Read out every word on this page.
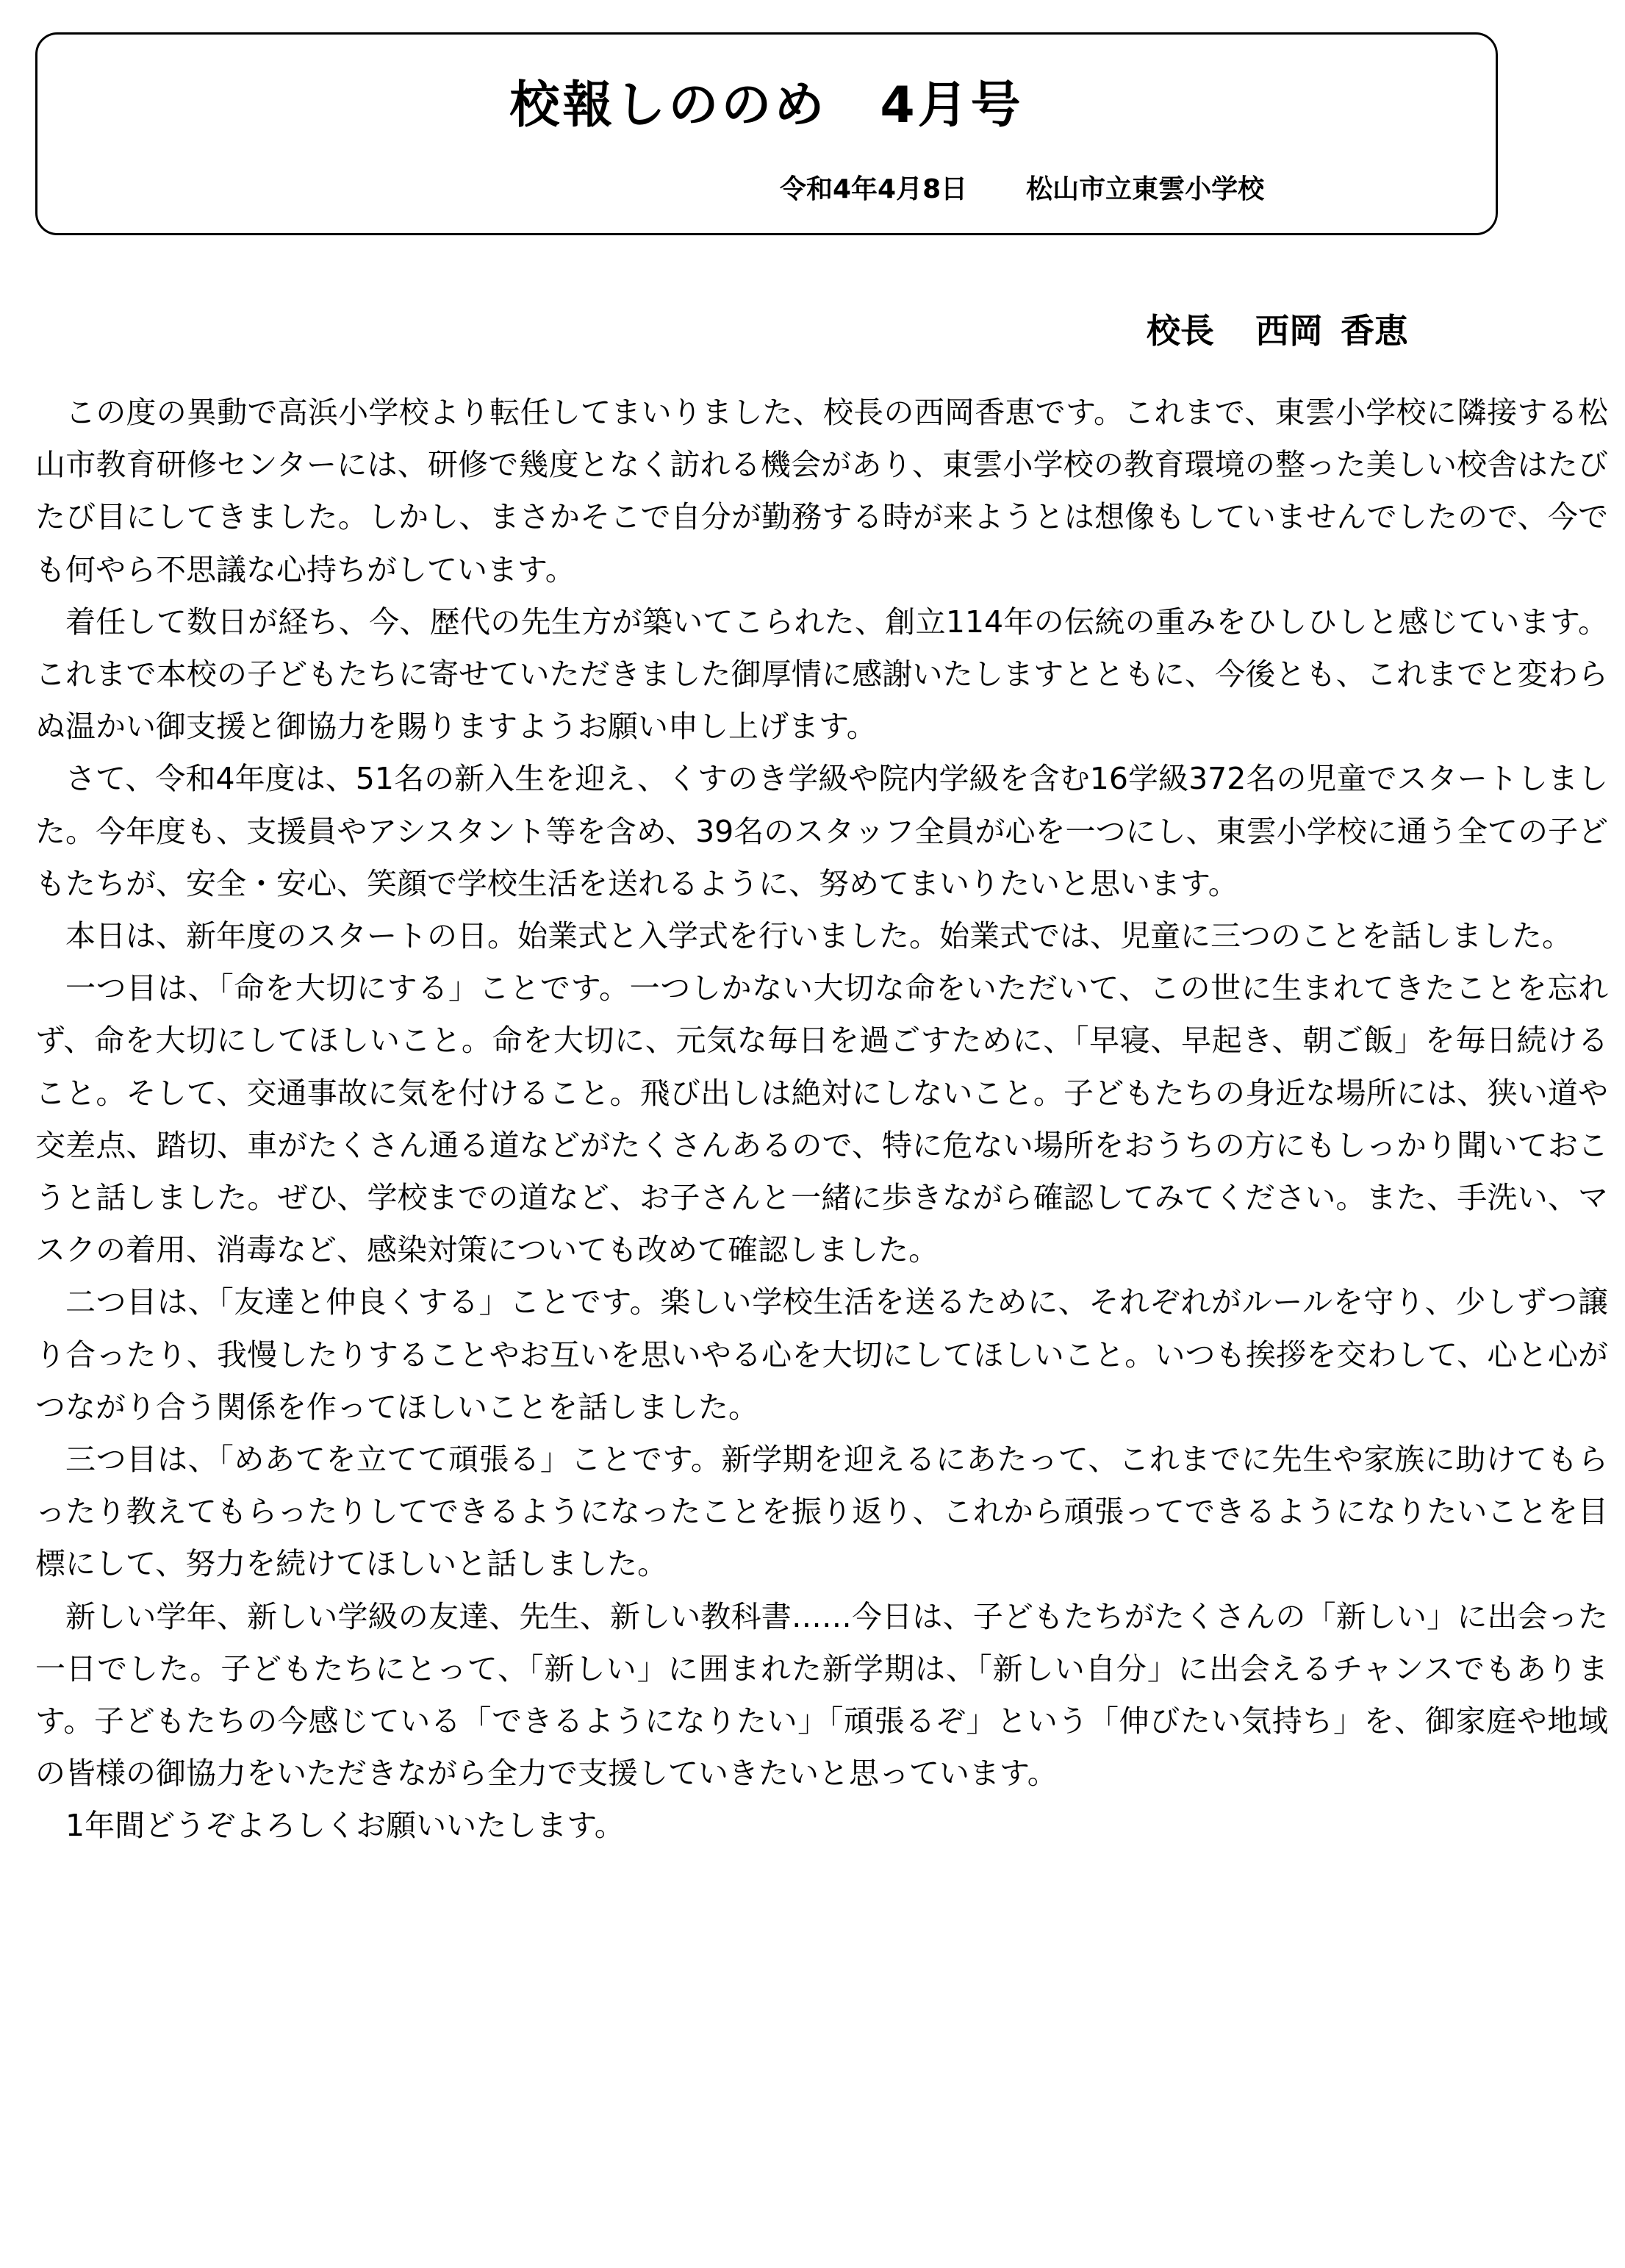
校報しののめ　4月号
令和4年4月8日 松山市立東雲小学校
校長 西岡 香恵

この度の異動で高浜小学校より転任してまいりました、校長の西岡香恵です。これまで、東雲小学校に隣接する松山市教育研修センターには、研修で幾度となく訪れる機会があり、東雲小学校の教育環境の整った美しい校舎はたびたび目にしてきました。しかし、まさかそこで自分が勤務する時が来ようとは想像もしていませんでしたので、今でも何やら不思議な心持ちがしています。

着任して数日が経ち、今、歴代の先生方が築いてこられた、創立114年の伝統の重みをひしひしと感じています。これまで本校の子どもたちに寄せていただきました御厚情に感謝いたしますとともに、今後とも、これまでと変わらぬ温かい御支援と御協力を賜りますようお願い申し上げます。

さて、令和4年度は、51名の新入生を迎え、くすのき学級や院内学級を含む16学級372名の児童でスタートしました。今年度も、支援員やアシスタント等を含め、39名のスタッフ全員が心を一つにし、東雲小学校に通う全ての子どもたちが、安全・安心、笑顔で学校生活を送れるように、努めてまいりたいと思います。

本日は、新年度のスタートの日。始業式と入学式を行いました。始業式では、児童に三つのことを話しました。

一つ目は、「命を大切にする」ことです。一つしかない大切な命をいただいて、この世に生まれてきたことを忘れず、命を大切にしてほしいこと。命を大切に、元気な毎日を過ごすために、「早寝、早起き、朝ご飯」を毎日続けること。そして、交通事故に気を付けること。飛び出しは絶対にしないこと。子どもたちの身近な場所には、狭い道や交差点、踏切、車がたくさん通る道などがたくさんあるので、特に危ない場所をおうちの方にもしっかり聞いておこうと話しました。ぜひ、学校までの道など、お子さんと一緒に歩きながら確認してみてください。また、手洗い、マスクの着用、消毒など、感染対策についても改めて確認しました。

二つ目は、「友達と仲良くする」ことです。楽しい学校生活を送るために、それぞれがルールを守り、少しずつ譲り合ったり、我慢したりすることやお互いを思いやる心を大切にしてほしいこと。いつも挨拶を交わして、心と心がつながり合う関係を作ってほしいことを話しました。

三つ目は、「めあてを立てて頑張る」ことです。新学期を迎えるにあたって、これまでに先生や家族に助けてもらったり教えてもらったりしてできるようになったことを振り返り、これから頑張ってできるようになりたいことを目標にして、努力を続けてほしいと話しました。

新しい学年、新しい学級の友達、先生、新しい教科書……今日は、子どもたちがたくさんの「新しい」に出会った一日でした。子どもたちにとって、「新しい」に囲まれた新学期は、「新しい自分」に出会えるチャンスでもあります。子どもたちの今感じている「できるようになりたい」「頑張るぞ」という「伸びたい気持ち」を、御家庭や地域の皆様の御協力をいただきながら全力で支援していきたいと思っています。

1年間どうぞよろしくお願いいたします。
